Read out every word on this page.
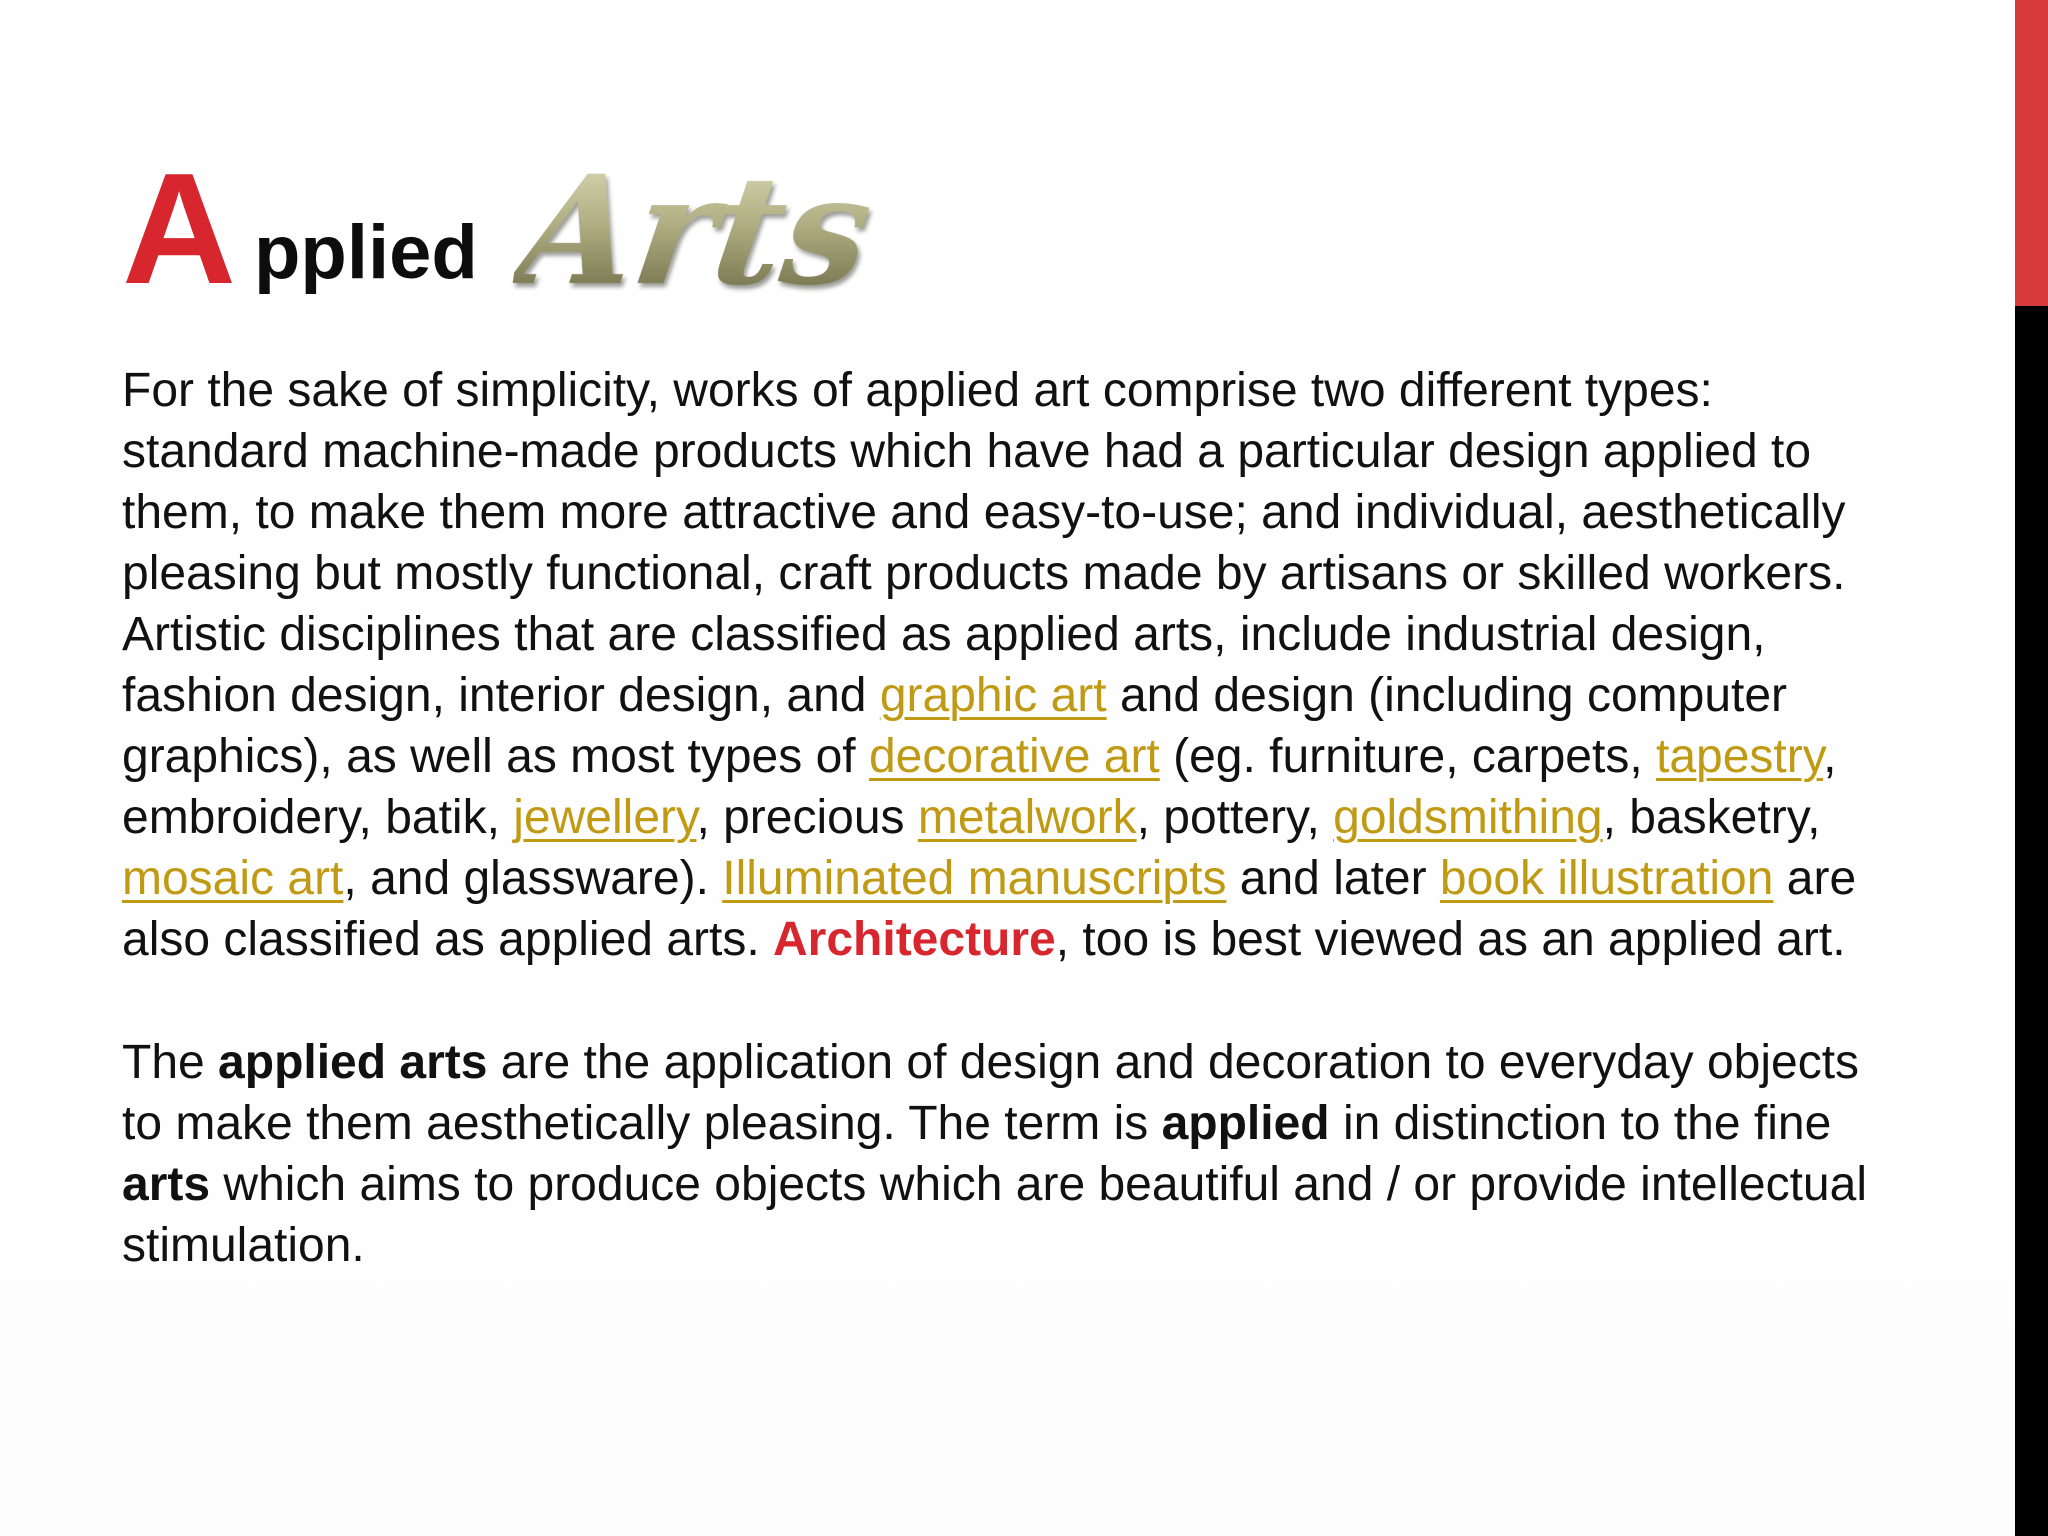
A pplied Arts

For the sake of simplicity, works of applied art comprise two different types: standard machine-made products which have had a particular design applied to them, to make them more attractive and easy-to-use; and individual, aesthetically pleasing but mostly functional, craft products made by artisans or skilled workers. Artistic disciplines that are classified as applied arts, include industrial design, fashion design, interior design, and graphic art and design (including computer graphics), as well as most types of decorative art (eg. furniture, carpets, tapestry, embroidery, batik, jewellery, precious metalwork, pottery, goldsmithing, basketry, mosaic art, and glassware). Illuminated manuscripts and later book illustration are also classified as applied arts. Architecture, too is best viewed as an applied art.

The applied arts are the application of design and decoration to everyday objects to make them aesthetically pleasing. The term is applied in distinction to the fine arts which aims to produce objects which are beautiful and / or provide intellectual stimulation.
